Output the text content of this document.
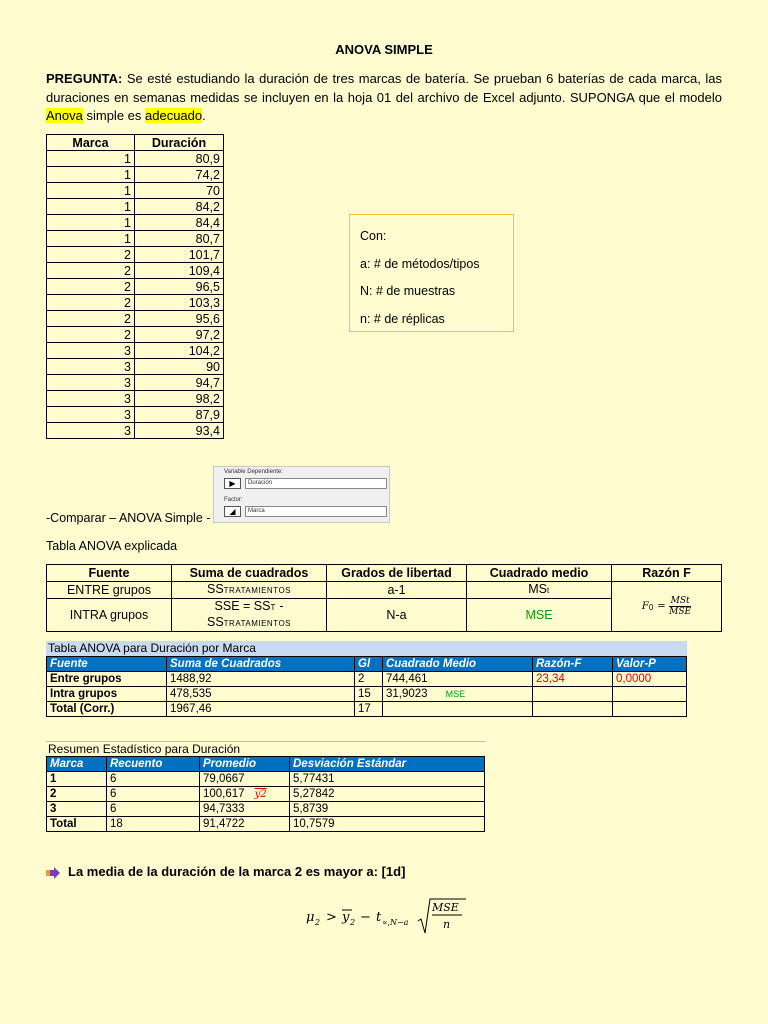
ANOVA SIMPLE
PREGUNTA: Se esté estudiando la duración de tres marcas de batería. Se prueban 6 baterías de cada marca, las duraciones en semanas medidas se incluyen en la hoja 01 del archivo de Excel adjunto. SUPONGA que el modelo Anova simple es adecuado.
Marca	Duración
1	80,9
1	74,2
1	70
1	84,2
1	84,4
1	80,7
2	101,7
2	109,4
2	96,5
2	103,3
2	95,6
2	97,2
3	104,2
3	90
3	94,7
3	98,2
3	87,9
3	93,4
Con:
a: # de métodos/tipos
N: # de muestras
n: # de réplicas
Variable Dependiente:
▶	Duración
Factor:
◢	Marca
-Comparar – ANOVA Simple -
Tabla ANOVA explicada
Fuente	Suma de cuadrados	Grados de libertad	Cuadrado medio	Razón F
ENTRE grupos	SSTRATAMIENTOS	a-1	MSt	$F0 = \frac{\text{MSt}}{\text{MSE}}$

INTRA grupos	SSE = SST - SSTRATAMIENTOS	N-a	MSE	
Tabla ANOVA para Duración por Marca
Fuente	Suma de Cuadrados	Gl	Cuadrado Medio	Razón-F	Valor-P
Entre grupos	1488,92	2	744,461	23,34	0,0000
Intra grupos	478,535	15	31,9023 MSE		
Total (Corr.)	1967,46	17			
Resumen Estadístico para Duración
Marca	Recuento	Promedio	Desviación Estándar
1	6	79,0667	5,77431
2	6	100,617 y2	5,27842
3	6	94,7333	5,8739
Total	18	91,4722	10,7579
La media de la duración de la marca 2 es mayor a: [1d]
μ 2 > y 2 − t ∝,N−a
MSE
n
